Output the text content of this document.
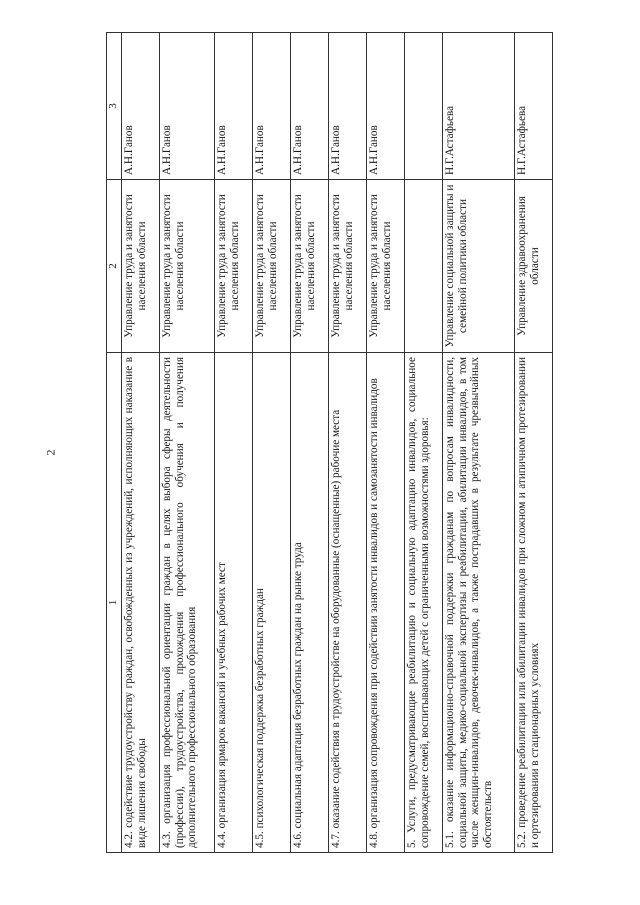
2
1	2	3
4.2. содействие трудоустройству граждан, освобожденных из учреждений, исполняющих наказание в виде лишения свободы	Управление труда и занятости населения области	А.Н.Ганов
4.3. организация профессиональной ориентации граждан в целях выбора сферы деятельности (профессии), трудоустройства, прохождения профессионального обучения и получения дополнительного профессионального образования	Управление труда и занятости населения области	А.Н.Ганов
4.4. организация ярмарок вакансий и учебных рабочих мест	Управление труда и занятости населения области	А.Н.Ганов
4.5. психологическая поддержка безработных граждан	Управление труда и занятости населения области	А.Н.Ганов
4.6. социальная адаптация безработных граждан на рынке труда	Управление труда и занятости населения области	А.Н.Ганов
4.7. оказание содействия в трудоустройстве на оборудованные (оснащенные) рабочие места	Управление труда и занятости населения области	А.Н.Ганов
4.8. организация сопровождения при содействии занятости инвалидов и самозанятости инвалидов	Управление труда и занятости населения области	А.Н.Ганов
5. Услуги, предусматривающие реабилитацию и социальную адаптацию инвалидов, социальное сопровождение семей, воспитывающих детей с ограниченными возможностями здоровья:		
5.1. оказание информационно-справочной поддержки гражданам по вопросам инвалидности, социальной защиты, медико-социальной экспертизы и реабилитации, абилитации инвалидов, в том числе женщин-инвалидов, девочек-инвалидов, а также пострадавших в результате чрезвычайных обстоятельств	Управление социальной защиты и семейной политики области	Н.Г.Астафьева
5.2. проведение реабилитации или абилитации инвалидов при сложном и атипичном протезировании и ортезировании в стационарных условиях	Управление здравоохранения области	Н.Г.Астафьева
